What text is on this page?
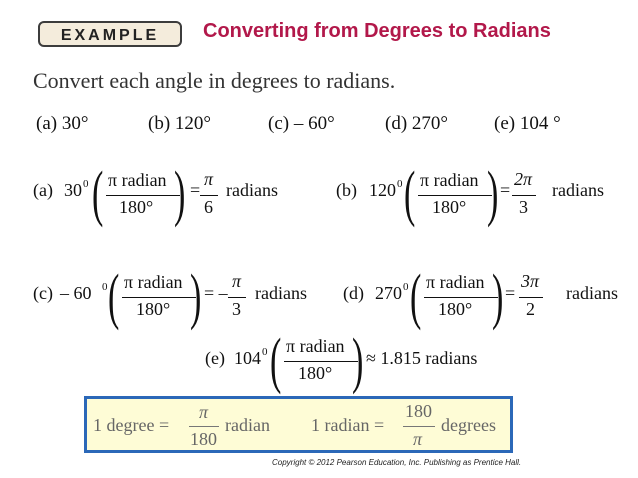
EXAMPLE	Converting from Degrees to Radians
Convert each angle in degrees to radians.
(a) 30°	(b) 120°	(c) – 60°	(d) 270° (e) 104 °
(a) 30 0 ( π radian
180° ) =
π
6
radians	(b) 120 0 ( π radian
180° ) =
2π
3
radians
(c) – 60 0 ( π radian
180° ) = –
π
3
radians (d) 270 0 ( π radian
180° ) =
3π
2
radians
(e) 104 0 ( π radian
180° ) ≈ 1.815 radians
1 degree =
π
180
radian 1 radian =
180
π
degrees
Copyright © 2012 Pearson Education, Inc. Publishing as Prentice Hall.
